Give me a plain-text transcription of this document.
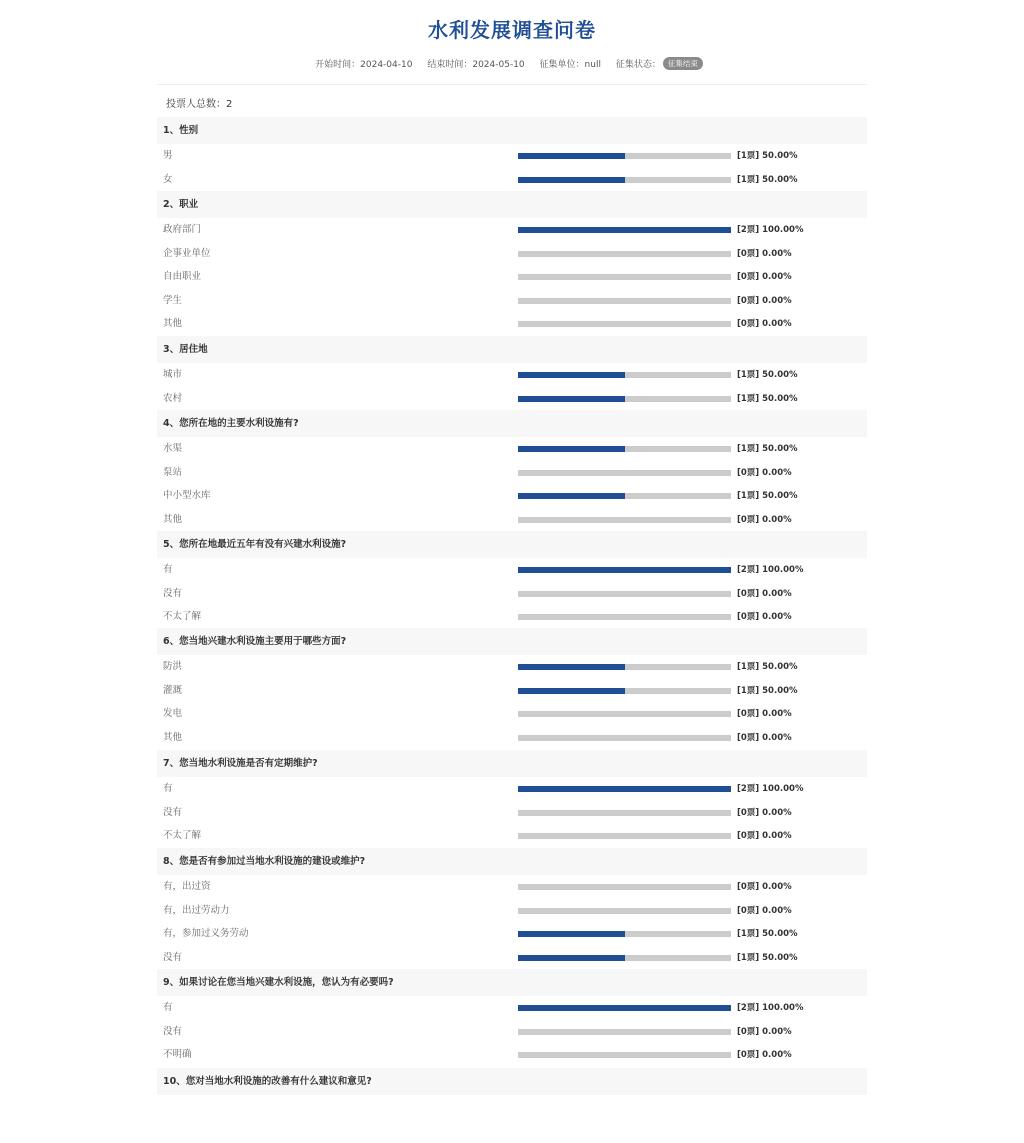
水利发展调查问卷
开始时间：2024-04-10 结束时间：2024-05-10 征集单位：null 征集状态： 征集结束
投票人总数：2
1、性别
男	[1票] 50.00%
女	[1票] 50.00%
2、职业
政府部门	[2票] 100.00%
企事业单位	[0票] 0.00%
自由职业	[0票] 0.00%
学生	[0票] 0.00%
其他	[0票] 0.00%
3、居住地
城市	[1票] 50.00%
农村	[1票] 50.00%
4、您所在地的主要水利设施有?
水渠	[1票] 50.00%
泵站	[0票] 0.00%
中小型水库	[1票] 50.00%
其他	[0票] 0.00%
5、您所在地最近五年有没有兴建水利设施?
有	[2票] 100.00%
没有	[0票] 0.00%
不太了解	[0票] 0.00%
6、您当地兴建水利设施主要用于哪些方面?
防洪	[1票] 50.00%
灌溉	[1票] 50.00%
发电	[0票] 0.00%
其他	[0票] 0.00%
7、您当地水利设施是否有定期维护?
有	[2票] 100.00%
没有	[0票] 0.00%
不太了解	[0票] 0.00%
8、您是否有参加过当地水利设施的建设或维护?
有，出过资	[0票] 0.00%
有，出过劳动力	[0票] 0.00%
有，参加过义务劳动	[1票] 50.00%
没有	[1票] 50.00%
9、如果讨论在您当地兴建水利设施，您认为有必要吗?
有	[2票] 100.00%
没有	[0票] 0.00%
不明确	[0票] 0.00%
10、您对当地水利设施的改善有什么建议和意见?
